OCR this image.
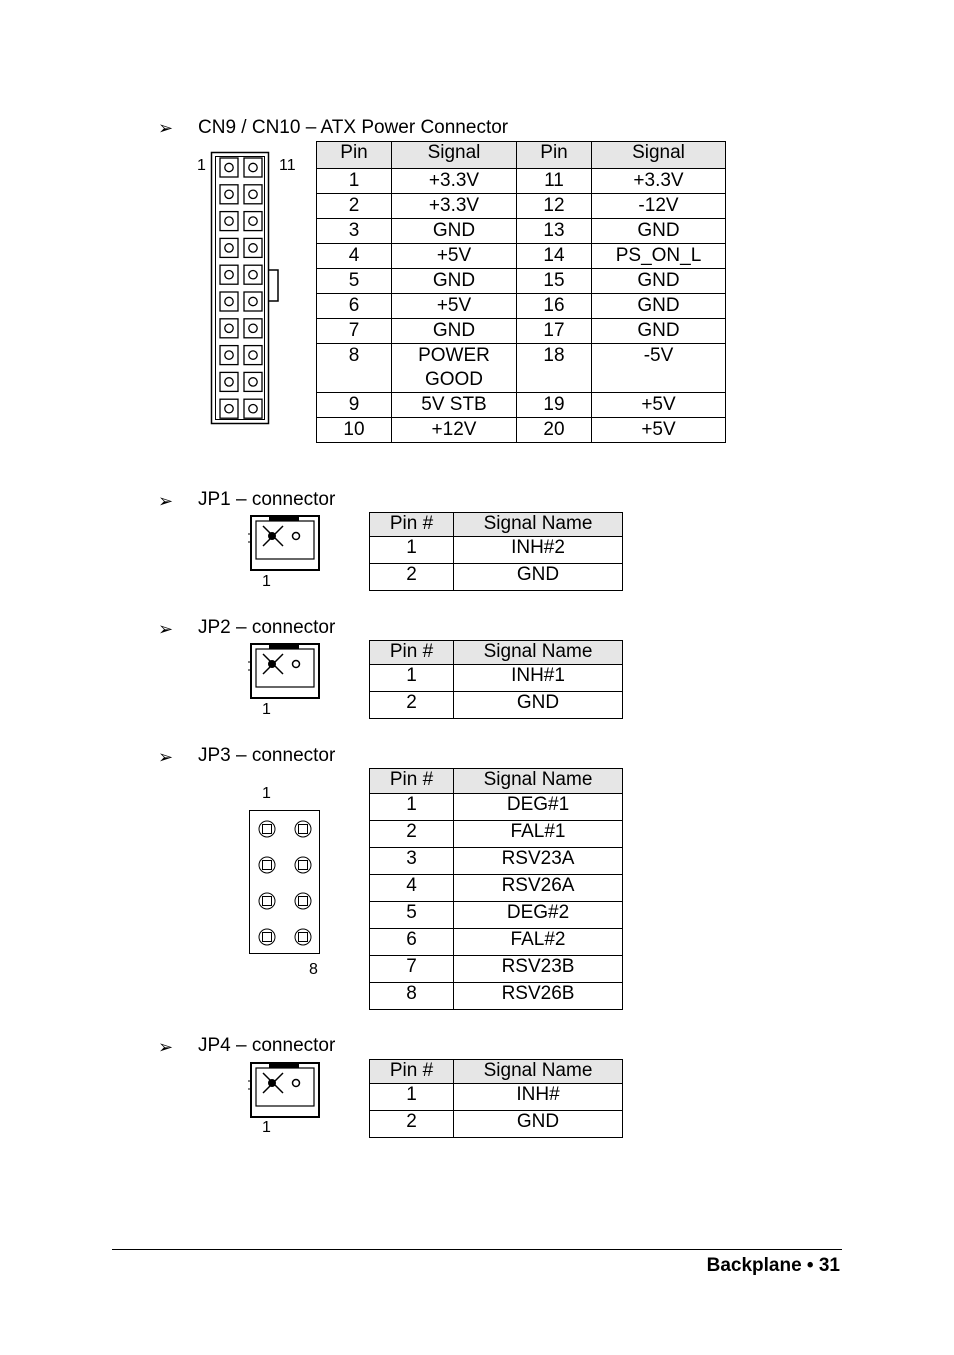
➢ CN9 / CN10 – ATX Power Connector
1	11
Pin	Signal	Pin	Signal
1	+3.3V	11	+3.3V
2	+3.3V	12	-12V
3	GND	13	GND
4	+5V	14	PS_ON_L
5	GND	15	GND
6	+5V	16	GND
7	GND	17	GND
8	POWER GOOD	18	-5V
9	5V STB	19	+5V
10	+12V	20	+5V
➢ JP1 – connector
1
Pin #	Signal Name
1	INH#2
2	GND
➢ JP2 – connector
1
Pin #	Signal Name
1	INH#1
2	GND
➢ JP3 – connector
1
8
Pin #	Signal Name
1	DEG#1
2	FAL#1
3	RSV23A
4	RSV26A
5	DEG#2
6	FAL#2
7	RSV23B
8	RSV26B
➢ JP4 – connector
1
Pin #	Signal Name
1	INH#
2	GND
Backplane • 31
